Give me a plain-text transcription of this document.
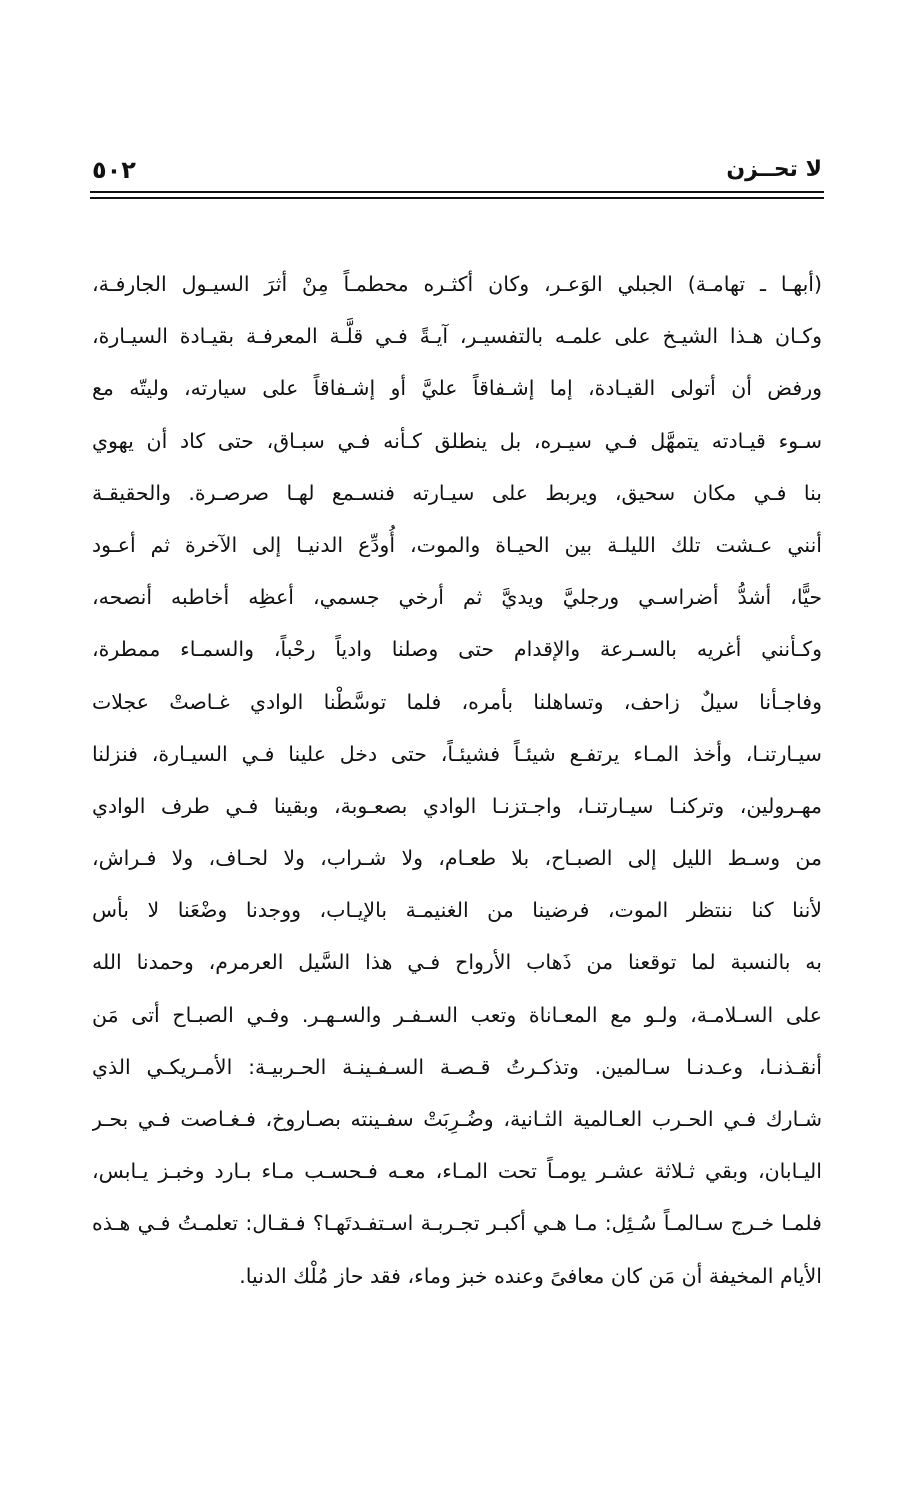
٥٠٢	لا تحــزن
(أبهـا ـ تهامـة) الجبلي الوَعـر، وكان أكثـره محطمـاً مِنْ أثرَ السيـول الجارفـة،
وكـان هـذا الشيـخ على علمـه بالتفسيـر، آيـةً فـي قلَّـة المعرفـة بقيـادة السيـارة،
ورفض أن أتولى القيـادة، إما إشـفاقاً عليَّ أو إشـفاقاً على سيارته، وليتّه مع
سـوء قيـادته يتمهَّل فـي سيـره، بل ينطلق كـأنه فـي سبـاق، حتى كاد أن يهوي
بنا فـي مكان سحيق، ويربط على سيـارته فنسـمع لهـا صرصـرة. والحقيقـة
أنني عـشت تلك الليلـة بين الحيـاة والموت، أُودِّع الدنيـا إلى الآخرة ثم أعـود
حيًّا، أشدُّ أضراسـي ورجليَّ ويديَّ ثم أرخي جسمي، أعظِه أخاطبه أنصحه،
وكـأنني أغريه بالسـرعة والإقدام حتى وصلنا وادياً رحْباً، والسمـاء ممطرة،
وفاجـأنا سيلٌ زاحف، وتساهلنا بأمره، فلما توسَّطْنا الوادي غـاصتْ عجلات
سيـارتنـا، وأخذ المـاء يرتفـع شيئـاً فشيئـاً، حتى دخل علينا فـي السيـارة، فنزلنا
مهـرولين، وتركنـا سيـارتنـا، واجـتزنـا الوادي بصعـوبة، وبقينا فـي طرف الوادي
من وسـط الليل إلى الصبـاح، بلا طعـام، ولا شـراب، ولا لحـاف، ولا فـراش،
لأننا كنا ننتظر الموت، فرضينا من الغنيمـة بالإيـاب، ووجدنا وضْعَنا لا بأس
به بالنسبة لما توقعنا من ذَهاب الأرواح فـي هذا السَّيل العرمرم، وحمدنا الله
على السـلامـة، ولـو مع المعـاناة وتعب السـفـر والسـهـر. وفـي الصبـاح أتى مَن
أنقـذنـا، وعـدنـا سـالمين. وتذكـرتُ قـصـة السـفـينـة الحـربيـة: الأمـريكـي الذي
شـارك فـي الحـرب العـالمية الثـانية، وضُـرِبَتْ سفـينته بصـاروخ، فـغـاصت فـي بحـر
اليـابان، وبقي ثـلاثة عشـر يومـاً تحت المـاء، معـه فـحسـب مـاء بـارد وخبـز يـابس،
فلمـا خـرج سـالمـاً سُـئِل: مـا هـي أكبـر تجـربـة اسـتفـدتَهـا؟ فـقـال: تعلمـتُ فـي هـذه
الأيام المخيفة أن مَن كان معافىً وعنده خبز وماء، فقد حاز مُلْك الدنيا.
